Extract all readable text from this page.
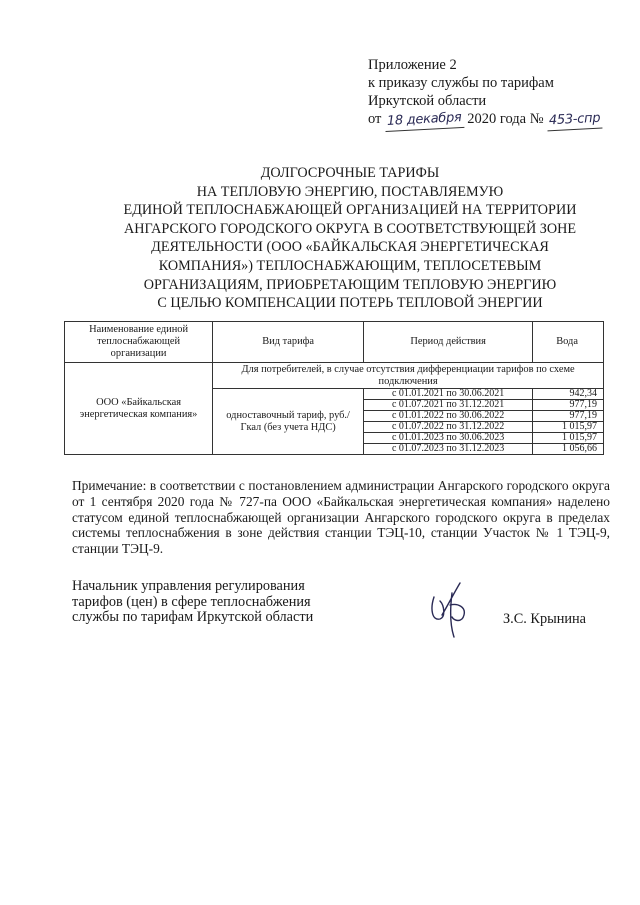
Приложение 2
к приказу службы по тарифам
Иркутской области
от 18 декабря 2020 года № 453-спр
ДОЛГОСРОЧНЫЕ ТАРИФЫ
НА ТЕПЛОВУЮ ЭНЕРГИЮ, ПОСТАВЛЯЕМУЮ
ЕДИНОЙ ТЕПЛОСНАБЖАЮЩЕЙ ОРГАНИЗАЦИЕЙ НА ТЕРРИТОРИИ
АНГАРСКОГО ГОРОДСКОГО ОКРУГА В СООТВЕТСТВУЮЩЕЙ ЗОНЕ
ДЕЯТЕЛЬНОСТИ (ООО «БАЙКАЛЬСКАЯ ЭНЕРГЕТИЧЕСКАЯ
КОМПАНИЯ») ТЕПЛОСНАБЖАЮЩИМ, ТЕПЛОСЕТЕВЫМ
ОРГАНИЗАЦИЯМ, ПРИОБРЕТАЮЩИМ ТЕПЛОВУЮ ЭНЕРГИЮ
С ЦЕЛЬЮ КОМПЕНСАЦИИ ПОТЕРЬ ТЕПЛОВОЙ ЭНЕРГИИ
Наименование единой теплоснабжающей организации	Вид тарифа	Период действия	Вода
ООО «Байкальская энергетическая компания»	Для потребителей, в случае отсутствия дифференциации тарифов по схеме подключения		
	одноставочный тариф, руб./Гкал (без учета НДС)	с 01.01.2021 по 30.06.2021	942,34
		с 01.07.2021 по 31.12.2021	977,19
		с 01.01.2022 по 30.06.2022	977,19
		с 01.07.2022 по 31.12.2022	1 015,97
		с 01.01.2023 по 30.06.2023	1 015,97
		с 01.07.2023 по 31.12.2023	1 056,66
Примечание: в соответствии с постановлением администрации Ангарского городского округа от 1 сентября 2020 года № 727-па ООО «Байкальская энергетическая компания» наделено статусом единой теплоснабжающей организации Ангарского городского округа в пределах системы теплоснабжения в зоне действия станции ТЭЦ-10, станции Участок № 1 ТЭЦ-9, станции ТЭЦ-9.
Начальник управления регулирования
тарифов (цен) в сфере теплоснабжения
службы по тарифам Иркутской области	З.С. Крынина
